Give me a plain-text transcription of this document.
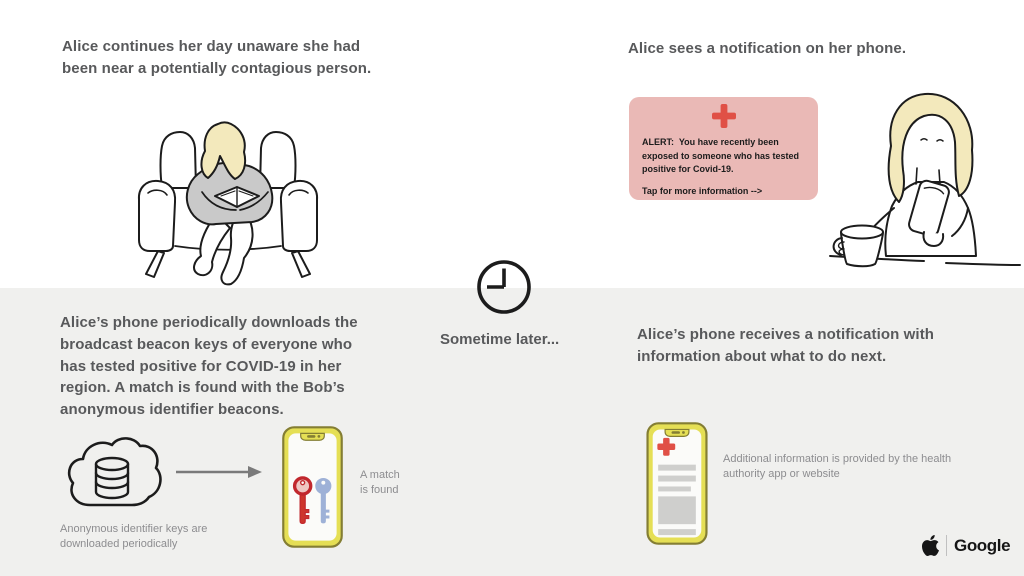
Alice continues her day unaware she had been near a potentially contagious person.
Alice sees a notification on her phone.
ALERT:  You have recently been exposed to someone who has tested positive for Covid-19.
Tap for more information -->
Sometime later...
Alice’s phone periodically downloads the broadcast beacon keys of everyone who has tested positive for COVID-19 in her region. A match is found with the Bob’s anonymous identifier beacons.
Anonymous identifier keys are downloaded periodically
A match
is found
Alice’s phone receives a notification with information about what to do next.
Additional information is provided by the health authority app or website
Google
